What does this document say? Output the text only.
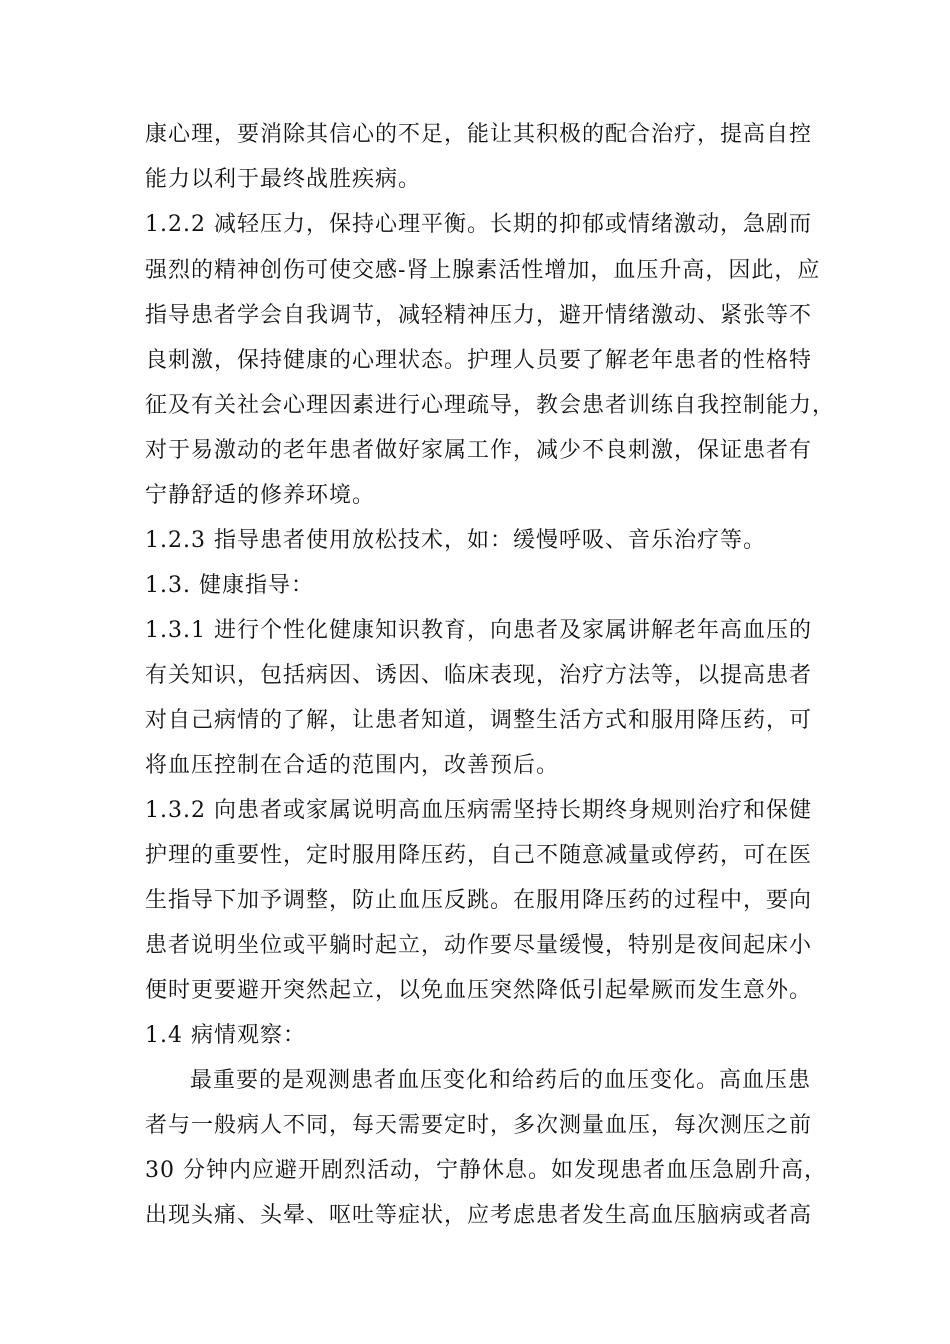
康心理，要消除其信心的不足，能让其积极的配合治疗，提高自控
能力以利于最终战胜疾病。
1.2.2 减轻压力，保持心理平衡。长期的抑郁或情绪激动，急剧而
强烈的精神创伤可使交感-肾上腺素活性增加，血压升高，因此，应
指导患者学会自我调节，减轻精神压力，避开情绪激动、紧张等不
良刺激，保持健康的心理状态。护理人员要了解老年患者的性格特
征及有关社会心理因素进行心理疏导，教会患者训练自我控制能力，
对于易激动的老年患者做好家属工作，减少不良刺激，保证患者有
宁静舒适的修养环境。
1.2.3 指导患者使用放松技术，如：缓慢呼吸、音乐治疗等。
1.3. 健康指导：
1.3.1 进行个性化健康知识教育，向患者及家属讲解老年高血压的
有关知识，包括病因、诱因、临床表现，治疗方法等，以提高患者
对自己病情的了解，让患者知道，调整生活方式和服用降压药，可
将血压控制在合适的范围内，改善预后。
1.3.2 向患者或家属说明高血压病需坚持长期终身规则治疗和保健
护理的重要性，定时服用降压药，自己不随意减量或停药，可在医
生指导下加予调整，防止血压反跳。在服用降压药的过程中，要向
患者说明坐位或平躺时起立，动作要尽量缓慢，特别是夜间起床小
便时更要避开突然起立，以免血压突然降低引起晕厥而发生意外。
1.4 病情观察：
最重要的是观测患者血压变化和给药后的血压变化。高血压患
者与一般病人不同，每天需要定时，多次测量血压，每次测压之前
30 分钟内应避开剧烈活动，宁静休息。如发现患者血压急剧升高，
出现头痛、头晕、呕吐等症状，应考虑患者发生高血压脑病或者高
